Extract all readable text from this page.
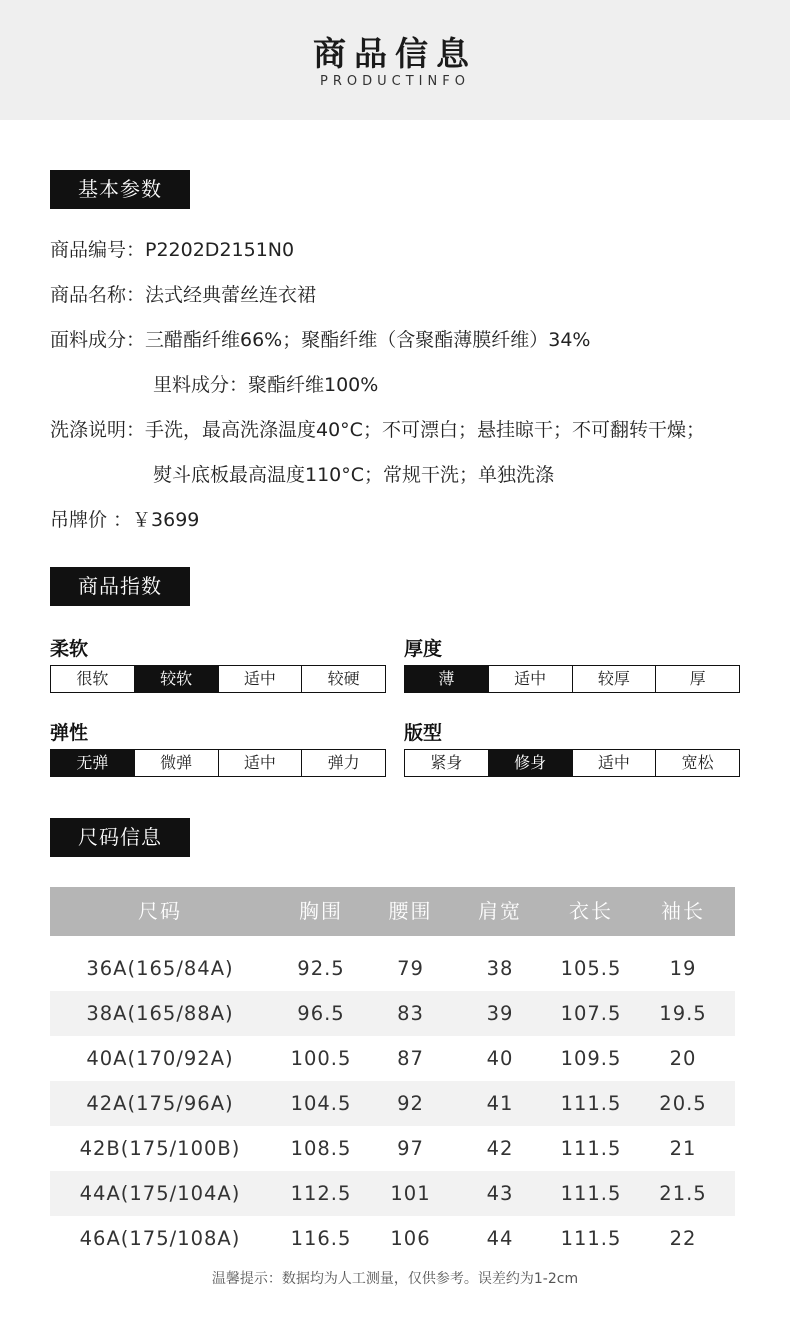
商品信息
PRODUCTINFO
基本参数
商品编号：P2202D2151N0
商品名称：法式经典蕾丝连衣裙
面料成分：三醋酯纤维66%；聚酯纤维（含聚酯薄膜纤维）34%
里料成分：聚酯纤维100%
洗涤说明：手洗，最高洗涤温度40°C；不可漂白；悬挂晾干；不可翻转干燥；
熨斗底板最高温度110°C；常规干洗；单独洗涤
吊牌价 ：￥3699
商品指数
柔软
很软	较软	适中	较硬
厚度
薄	适中	较厚	厚
弹性
无弹	微弹	适中	弹力
版型
紧身	修身	适中	宽松
尺码信息
尺码	胸围	腰围	肩宽	衣长	袖长
36A(165/84A)	92.5	79	38	105.5	19
38A(165/88A)	96.5	83	39	107.5	19.5
40A(170/92A)	100.5	87	40	109.5	20
42A(175/96A)	104.5	92	41	111.5	20.5
42B(175/100B)	108.5	97	42	111.5	21
44A(175/104A)	112.5	101	43	111.5	21.5
46A(175/108A)	116.5	106	44	111.5	22
温馨提示：数据均为人工测量，仅供参考。误差约为1-2cm
